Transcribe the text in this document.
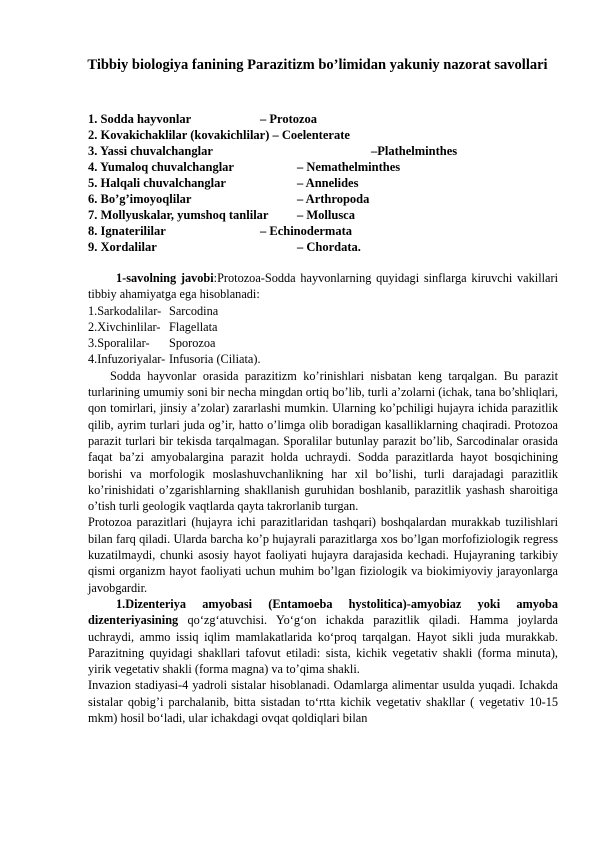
Tibbiy biologiya fanining Parazitizm bo’limidan yakuniy nazorat savollari
1. Sodda hayvonlar	– Protozoa
2. Kovakichaklilar (kovakichlilar) – Coelenterate
3. Yassi chuvalchanglar	–Plathelminthes
4. Yumaloq chuvalchanglar	– Nemathelminthes
5. Halqali chuvalchanglar	– Annelides
6. Bo’g’imoyoqlilar	– Arthropoda
7. Mollyuskalar, yumshoq tanlilar – Mollusca
8. Ignaterililar	– Echinodermata
9. Xordalilar	– Chordata.

1-savolning javobi:Protozoa-Sodda hayvonlarning quyidagi sinflarga kiruvchi vakillari tibbiy ahamiyatga ega hisoblanadi:

1.Sarkodalilar- Sarcodina
2.Xivchinlilar- Flagellata
3.Sporalilar- Sporozoa
4.Infuzoriyalar- Infusoria (Ciliata).

Sodda hayvonlar orasida parazitizm ko’rinishlari nisbatan keng tarqalgan. Bu parazit turlarining umumiy soni bir necha mingdan ortiq bo’lib, turli a’zolarni (ichak, tana bo’shliqlari, qon tomirlari, jinsiy a’zolar) zararlashi mumkin. Ularning ko’pchiligi hujayra ichida parazitlik qilib, ayrim turlari juda og’ir, hatto o’limga olib boradigan kasalliklarning chaqiradi. Protozoa parazit turlari bir tekisda tarqalmagan. Sporalilar butunlay parazit bo’lib, Sarcodinalar orasida faqat ba’zi amyobalargina parazit holda uchraydi. Sodda parazitlarda hayot bosqichining borishi va morfologik moslashuvchanlikning har xil bo’lishi, turli darajadagi parazitlik ko’rinishidati o’zgarishlarning shakllanish guruhidan boshlanib, parazitlik yashash sharoitiga o’tish turli geologik vaqtlarda qayta takrorlanib turgan.

Protozoa parazitlari (hujayra ichi parazitlaridan tashqari) boshqalardan murakkab tuzilishlari bilan farq qiladi. Ularda barcha ko’p hujayrali parazitlarga xos bo’lgan morfofiziologik regress kuzatilmaydi, chunki asosiy hayot faoliyati hujayra darajasida kechadi. Hujayraning tarkibiy qismi organizm hayot faoliyati uchun muhim bo’lgan fiziologik va biokimiyoviy jarayonlarga javobgardir.

1.Dizenteriya amyobasi (Entamoeba hystolitica)-amyobiaz yoki amyoba dizenteriyasining qo‘zg‘atuvchisi. Yo‘g‘on ichakda parazitlik qiladi. Hamma joylarda uchraydi, ammo issiq iqlim mamlakatlarida ko‘proq tarqalgan. Hayot sikli juda murakkab. Parazitning quyidagi shakllari tafovut etiladi: sista, kichik vegetativ shakli (forma minuta), yirik vegetativ shakli (forma magna) va to’qima shakli.

Invazion stadiyasi-4 yadroli sistalar hisoblanadi. Odamlarga alimentar usulda yuqadi. Ichakda sistalar qobig’i parchalanib, bitta sistadan to‘rtta kichik vegetativ shakllar ( vegetativ 10-15 mkm) hosil bo‘ladi, ular ichakdagi ovqat qoldiqlari bilan
